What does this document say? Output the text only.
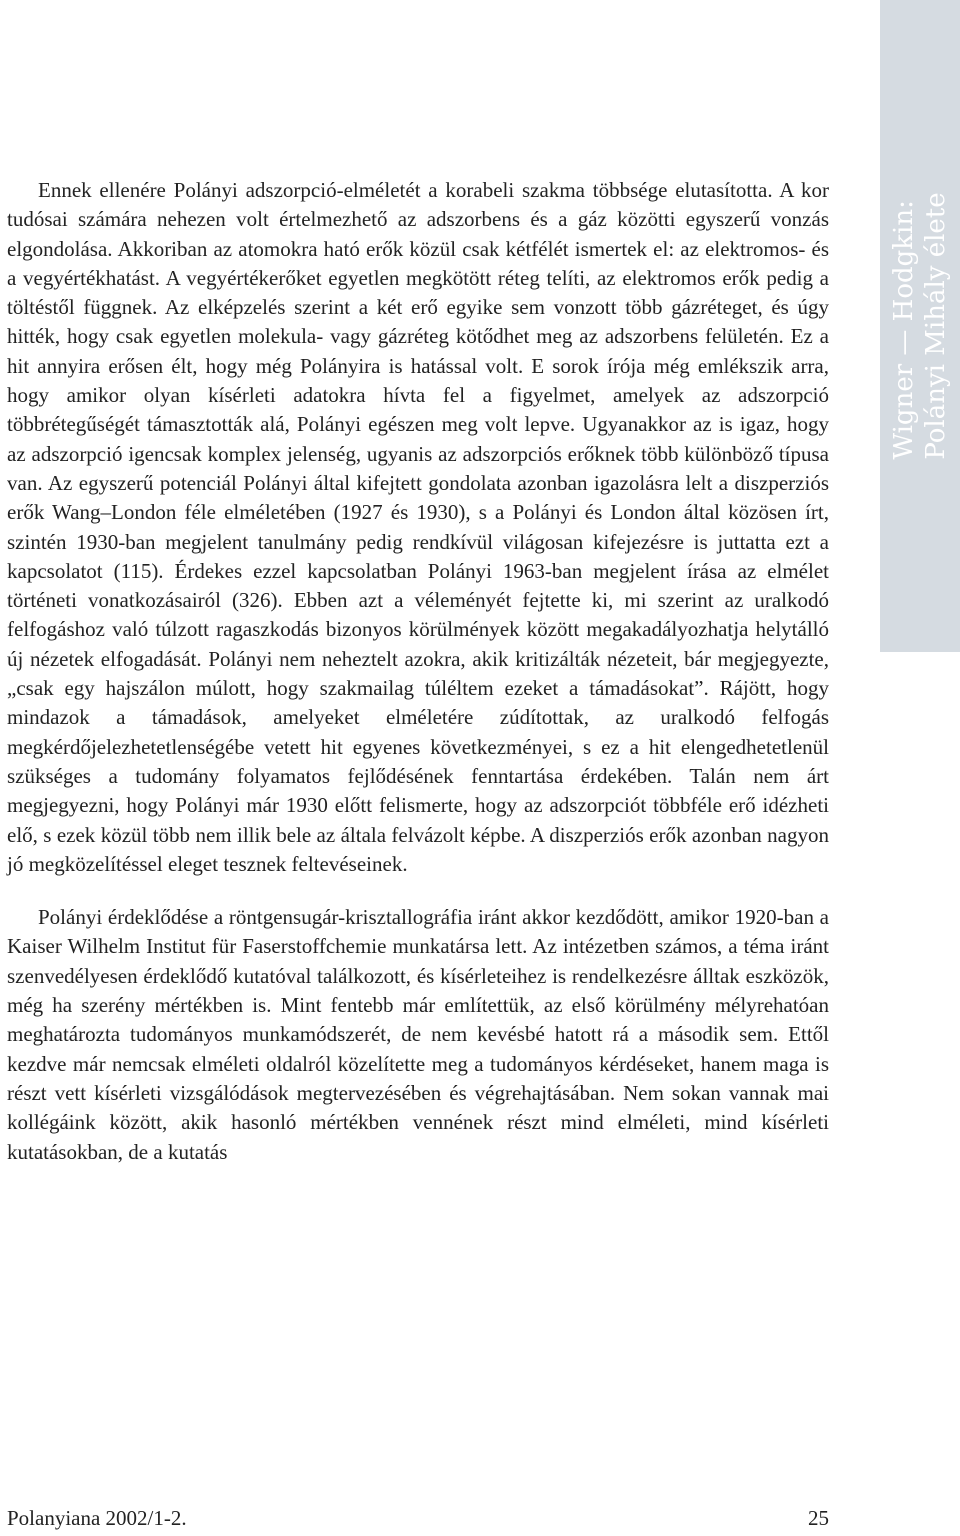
Wigner — Hodgkin: Polányi Mihály élete

Ennek ellenére Polányi adszorpció-elméletét a korabeli szakma többsége elutasította. A kor tudósai számára nehezen volt értelmezhető az adszorbens és a gáz közötti egyszerű vonzás elgondolása. Akkoriban az atomokra ható erők közül csak kétfélét ismertek el: az elektromos- és a vegyértékhatást. A vegyértékerőket egyetlen megkötött réteg telíti, az elektromos erők pedig a töltéstől függnek. Az elképzelés szerint a két erő egyike sem vonzott több gázréteget, és úgy hitték, hogy csak egyetlen molekula- vagy gázréteg kötődhet meg az adszorbens felületén. Ez a hit annyira erősen élt, hogy még Polányira is hatással volt. E sorok írója még emlékszik arra, hogy amikor olyan kísérleti adatokra hívta fel a figyelmet, amelyek az adszorpció többrétegűségét támasztották alá, Polányi egészen meg volt lepve. Ugyanakkor az is igaz, hogy az adszorpció igencsak komplex jelenség, ugyanis az adszorpciós erőknek több különböző típusa van. Az egyszerű potenciál Polányi által kifejtett gondolata azonban igazolásra lelt a diszperziós erők Wang–London féle elméletében (1927 és 1930), s a Polányi és London által közösen írt, szintén 1930-ban megjelent tanulmány pedig rendkívül világosan kifejezésre is juttatta ezt a kapcsolatot (115). Érdekes ezzel kapcsolatban Polányi 1963-ban megjelent írása az elmélet történeti vonatkozásairól (326). Ebben azt a véleményét fejtette ki, mi szerint az uralkodó felfogáshoz való túlzott ragaszkodás bizonyos körülmények között megakadályozhatja helytálló új nézetek elfogadását. Polányi nem neheztelt azokra, akik kritizálták nézeteit, bár megjegyezte, „csak egy hajszálon múlott, hogy szakmailag túléltem ezeket a támadásokat”. Rájött, hogy mindazok a támadások, amelyeket elméletére zúdítottak, az uralkodó felfogás megkérdőjelezhetetlenségébe vetett hit egyenes következményei, s ez a hit elengedhetetlenül szükséges a tudomány folyamatos fejlődésének fenntartása érdekében. Talán nem árt megjegyezni, hogy Polányi már 1930 előtt felismerte, hogy az adszorpciót többféle erő idézheti elő, s ezek közül több nem illik bele az általa felvázolt képbe. A diszperziós erők azonban nagyon jó megközelítéssel eleget tesznek feltevéseinek.

Polányi érdeklődése a röntgensugár-krisztallográfia iránt akkor kezdődött, amikor 1920-ban a Kaiser Wilhelm Institut für Faserstoffchemie munkatársa lett. Az intézetben számos, a téma iránt szenvedélyesen érdeklődő kutatóval találkozott, és kísérleteihez is rendelkezésre álltak eszközök, még ha szerény mértékben is. Mint fentebb már említettük, az első körülmény mélyrehatóan meghatározta tudományos munkamódszerét, de nem kevésbé hatott rá a második sem. Ettől kezdve már nemcsak elméleti oldalról közelítette meg a tudományos kérdéseket, hanem maga is részt vett kísérleti vizsgálódások megtervezésében és végrehajtásában. Nem sokan vannak mai kollégáink között, akik hasonló mértékben vennének részt mind elméleti, mind kísérleti kutatásokban, de a kutatás

Polanyiana 2002/1-2.	25
